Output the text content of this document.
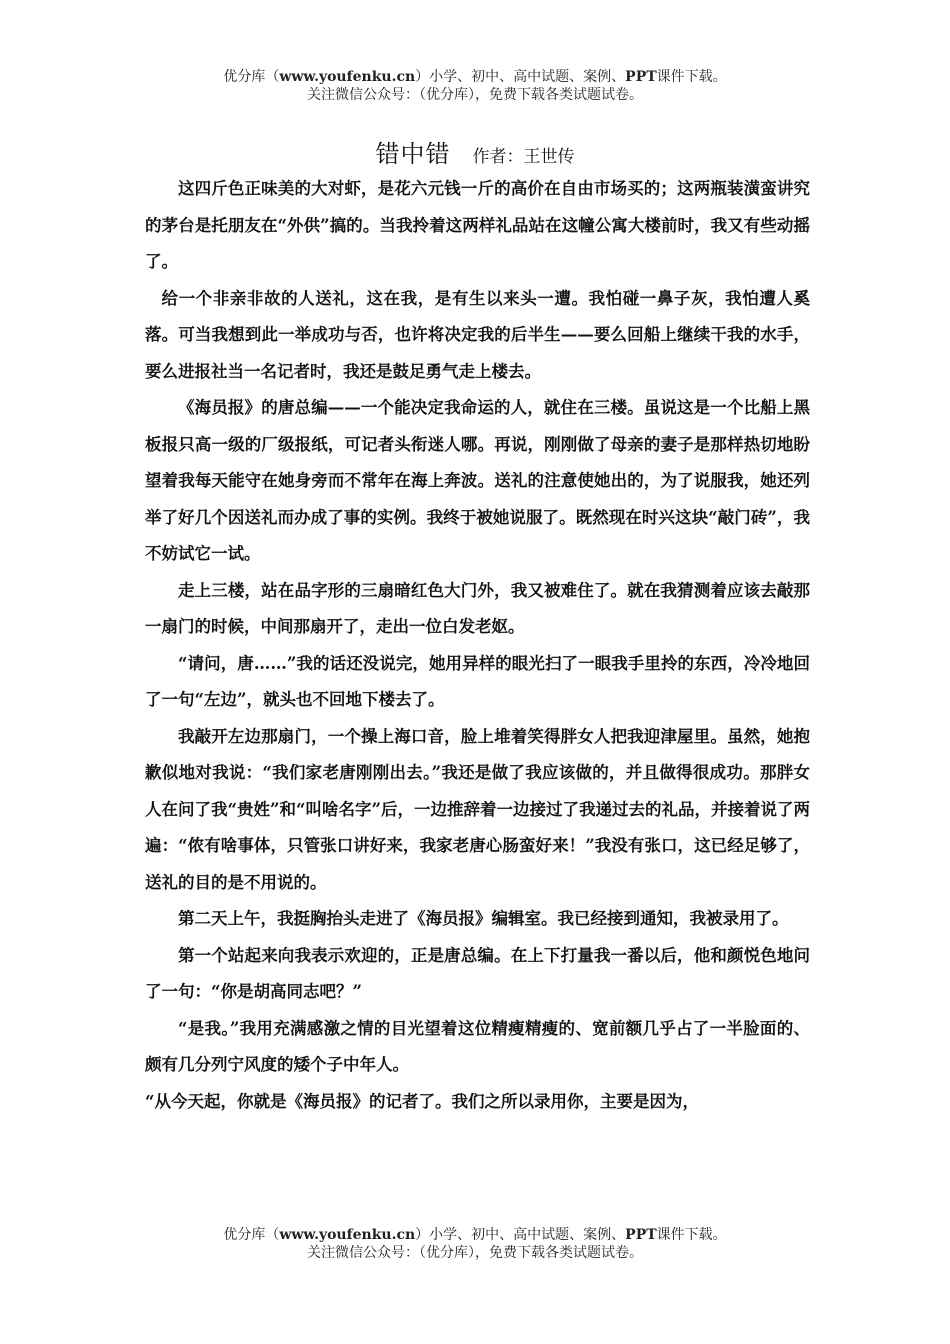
优分库（www.youfenku.cn）小学、初中、高中试题、案例、PPT课件下载。
关注微信公众号：（优分库），免费下载各类试题试卷。
错中错 作者：王世传

这四斤色正味美的大对虾，是花六元钱一斤的高价在自由市场买的；这两瓶装潢蛮讲究的茅台是托朋友在“外供”搞的。当我拎着这两样礼品站在这幢公寓大楼前时，我又有些动摇了。

给一个非亲非故的人送礼，这在我，是有生以来头一遭。我怕碰一鼻子灰，我怕遭人奚落。可当我想到此一举成功与否，也许将决定我的后半生——要么回船上继续干我的水手，要么进报社当一名记者时，我还是鼓足勇气走上楼去。

《海员报》的唐总编——一个能决定我命运的人，就住在三楼。虽说这是一个比船上黑板报只高一级的厂级报纸，可记者头衔迷人哪。再说，刚刚做了母亲的妻子是那样热切地盼望着我每天能守在她身旁而不常年在海上奔波。送礼的注意使她出的，为了说服我，她还列举了好几个因送礼而办成了事的实例。我终于被她说服了。既然现在时兴这块“敲门砖”，我不妨试它一试。

走上三楼，站在品字形的三扇暗红色大门外，我又被难住了。就在我猜测着应该去敲那一扇门的时候，中间那扇开了，走出一位白发老妪。

“请问，唐……”我的话还没说完，她用异样的眼光扫了一眼我手里拎的东西，冷冷地回了一句“左边”，就头也不回地下楼去了。

我敲开左边那扇门，一个操上海口音，脸上堆着笑得胖女人把我迎津屋里。虽然，她抱歉似地对我说：“我们家老唐刚刚出去。”我还是做了我应该做的，并且做得很成功。那胖女人在问了我“贵姓”和“叫啥名字”后，一边推辞着一边接过了我递过去的礼品，并接着说了两遍：“侬有啥事体，只管张口讲好来，我家老唐心肠蛮好来！”我没有张口，这已经足够了，送礼的目的是不用说的。

第二天上午，我挺胸抬头走进了《海员报》编辑室。我已经接到通知，我被录用了。

第一个站起来向我表示欢迎的，正是唐总编。在上下打量我一番以后，他和颜悦色地问了一句：“你是胡高同志吧？”

“是我。”我用充满感激之情的目光望着这位精瘦精瘦的、宽前额几乎占了一半脸面的、颇有几分列宁风度的矮个子中年人。

“从今天起，你就是《海员报》的记者了。我们之所以录用你，主要是因为，

优分库（www.youfenku.cn）小学、初中、高中试题、案例、PPT课件下载。
关注微信公众号：（优分库），免费下载各类试题试卷。
